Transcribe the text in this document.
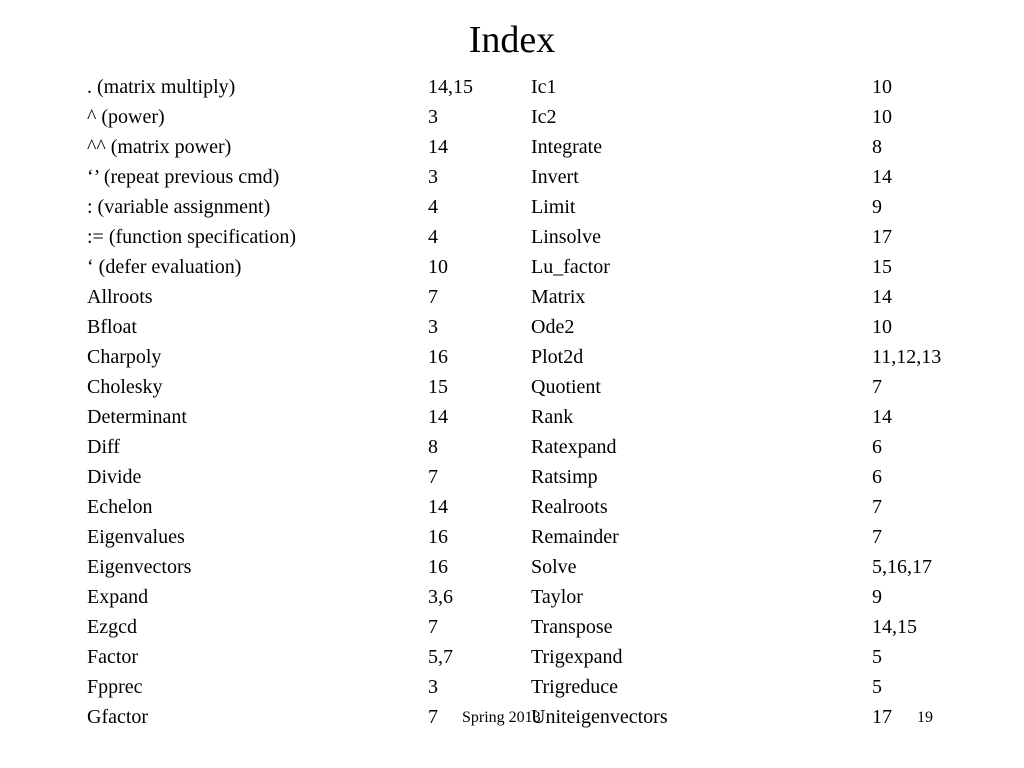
Index
. (matrix multiply)	14,15
^ (power)	3
^^ (matrix power)	14
‘’ (repeat previous cmd)	3
: (variable assignment)	4
:= (function specification)	4
‘ (defer evaluation)	10
Allroots	7
Bfloat	3
Charpoly	16
Cholesky	15
Determinant	14
Diff	8
Divide	7
Echelon	14
Eigenvalues	16
Eigenvectors	16
Expand	3,6
Ezgcd	7
Factor	5,7
Fpprec	3
Gfactor	7
Ic1	10
Ic2	10
Integrate	8
Invert	14
Limit	9
Linsolve	17
Lu_factor	15
Matrix	14
Ode2	10
Plot2d	11,12,13
Quotient	7
Rank	14
Ratexpand	6
Ratsimp	6
Realroots	7
Remainder	7
Solve	5,16,17
Taylor	9
Transpose	14,15
Trigexpand	5
Trigreduce	5
Uniteigenvectors	17
Spring 2013	19
